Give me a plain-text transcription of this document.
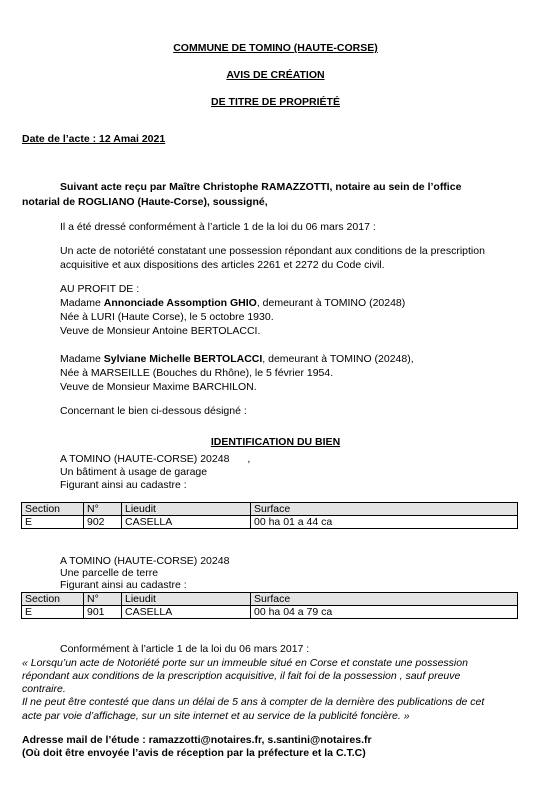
COMMUNE DE TOMINO (HAUTE-CORSE)
AVIS DE CRÉATION
DE TITRE DE PROPRIÉTÉ
Date de l’acte : 12 Amai 2021
Suivant acte reçu par Maître Christophe RAMAZZOTTI, notaire au sein de l’office
notarial de ROGLIANO (Haute-Corse), soussigné,
Il a été dressé conformément à l’article 1 de la loi du 06 mars 2017 :
Un acte de notoriété constatant une possession répondant aux conditions de la prescription
acquisitive et aux dispositions des articles 2261 et 2272 du Code civil.
AU PROFIT DE :
Madame Annonciade Assomption GHIO, demeurant à TOMINO (20248)
Née à LURI (Haute Corse), le 5 octobre 1930.
Veuve de Monsieur Antoine BERTOLACCI.
Madame Sylviane Michelle BERTOLACCI, demeurant à TOMINO (20248),
Née à MARSEILLE (Bouches du Rhône), le 5 février 1954.
Veuve de Monsieur Maxime BARCHILON.
Concernant le bien ci-dessous désigné :
IDENTIFICATION DU BIEN
A TOMINO (HAUTE-CORSE) 20248 ,
Un bâtiment à usage de garage
Figurant ainsi au cadastre :
Section	N°	Lieudit	Surface
E	902	CASELLA	00 ha 01 a 44 ca
A TOMINO (HAUTE-CORSE) 20248
Une parcelle de terre
Figurant ainsi au cadastre :
Section	N°	Lieudit	Surface
E	901	CASELLA	00 ha 04 a 79 ca
Conformément à l’article 1 de la loi du 06 mars 2017 :
« Lorsqu’un acte de Notoriété porte sur un immeuble situé en Corse et constate une possession
répondant aux conditions de la prescription acquisitive, il fait foi de la possession , sauf preuve
contraire.
Il ne peut être contesté que dans un délai de 5 ans à compter de la dernière des publications de cet
acte par voie d’affichage, sur un site internet et au service de la publicité foncière. »
Adresse mail de l’étude : ramazzotti@notaires.fr, s.santini@notaires.fr
(Où doit être envoyée l’avis de réception par la préfecture et la C.T.C)
